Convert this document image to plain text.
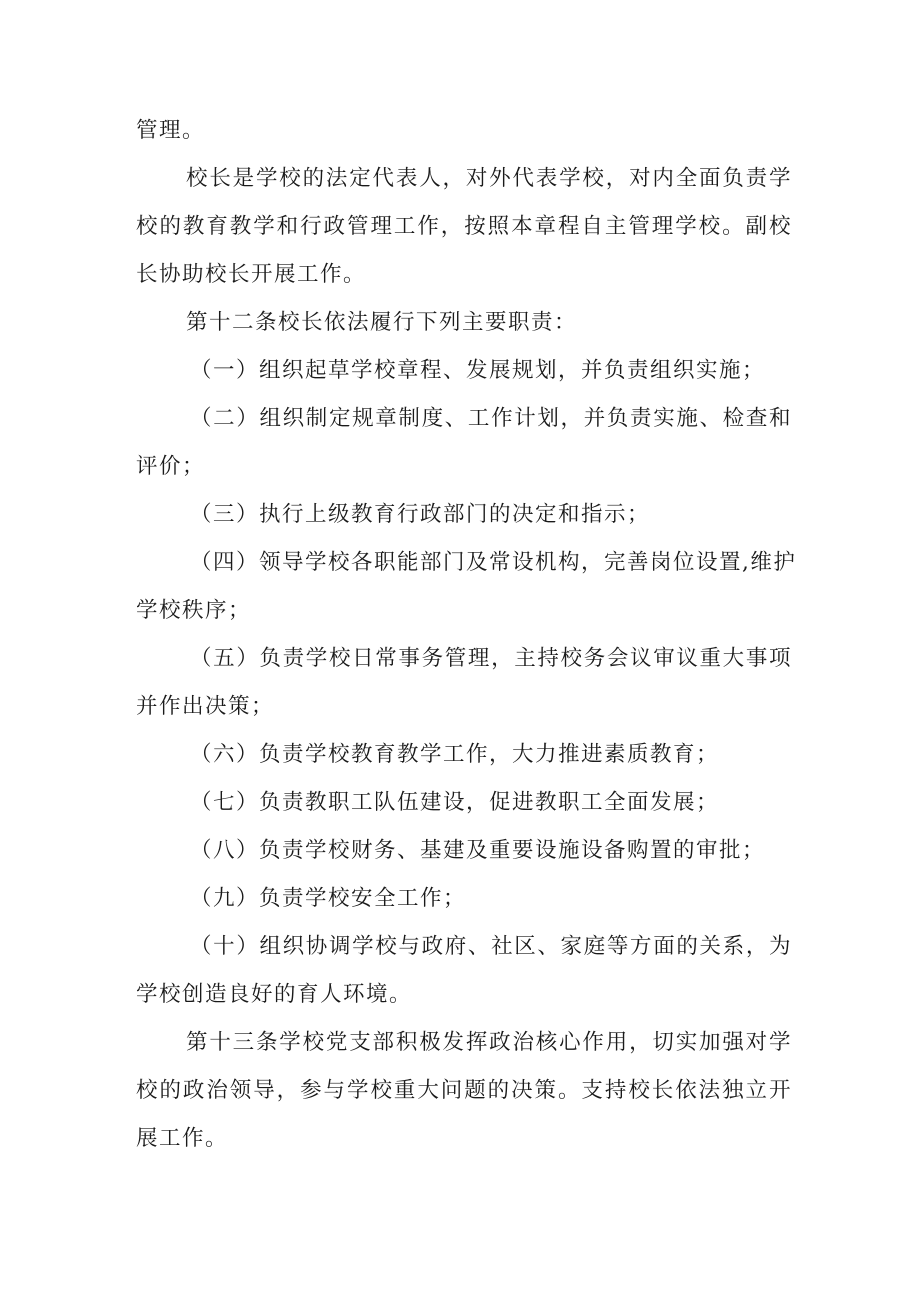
管理。
校长是学校的法定代表人，对外代表学校，对内全面负责学
校的教育教学和行政管理工作，按照本章程自主管理学校。副校
长协助校长开展工作。
第十二条校长依法履行下列主要职责：
（一）组织起草学校章程、发展规划，并负责组织实施；
（二）组织制定规章制度、工作计划，并负责实施、检查和
评价；
（三）执行上级教育行政部门的决定和指示；
（四）领导学校各职能部门及常设机构，完善岗位设置,维护
学校秩序；
（五）负责学校日常事务管理，主持校务会议审议重大事项
并作出决策；
（六）负责学校教育教学工作，大力推进素质教育；
（七）负责教职工队伍建设，促进教职工全面发展；
（八）负责学校财务、基建及重要设施设备购置的审批；
（九）负责学校安全工作；
（十）组织协调学校与政府、社区、家庭等方面的关系，为
学校创造良好的育人环境。
第十三条学校党支部积极发挥政治核心作用，切实加强对学
校的政治领导，参与学校重大问题的决策。支持校长依法独立开
展工作。
